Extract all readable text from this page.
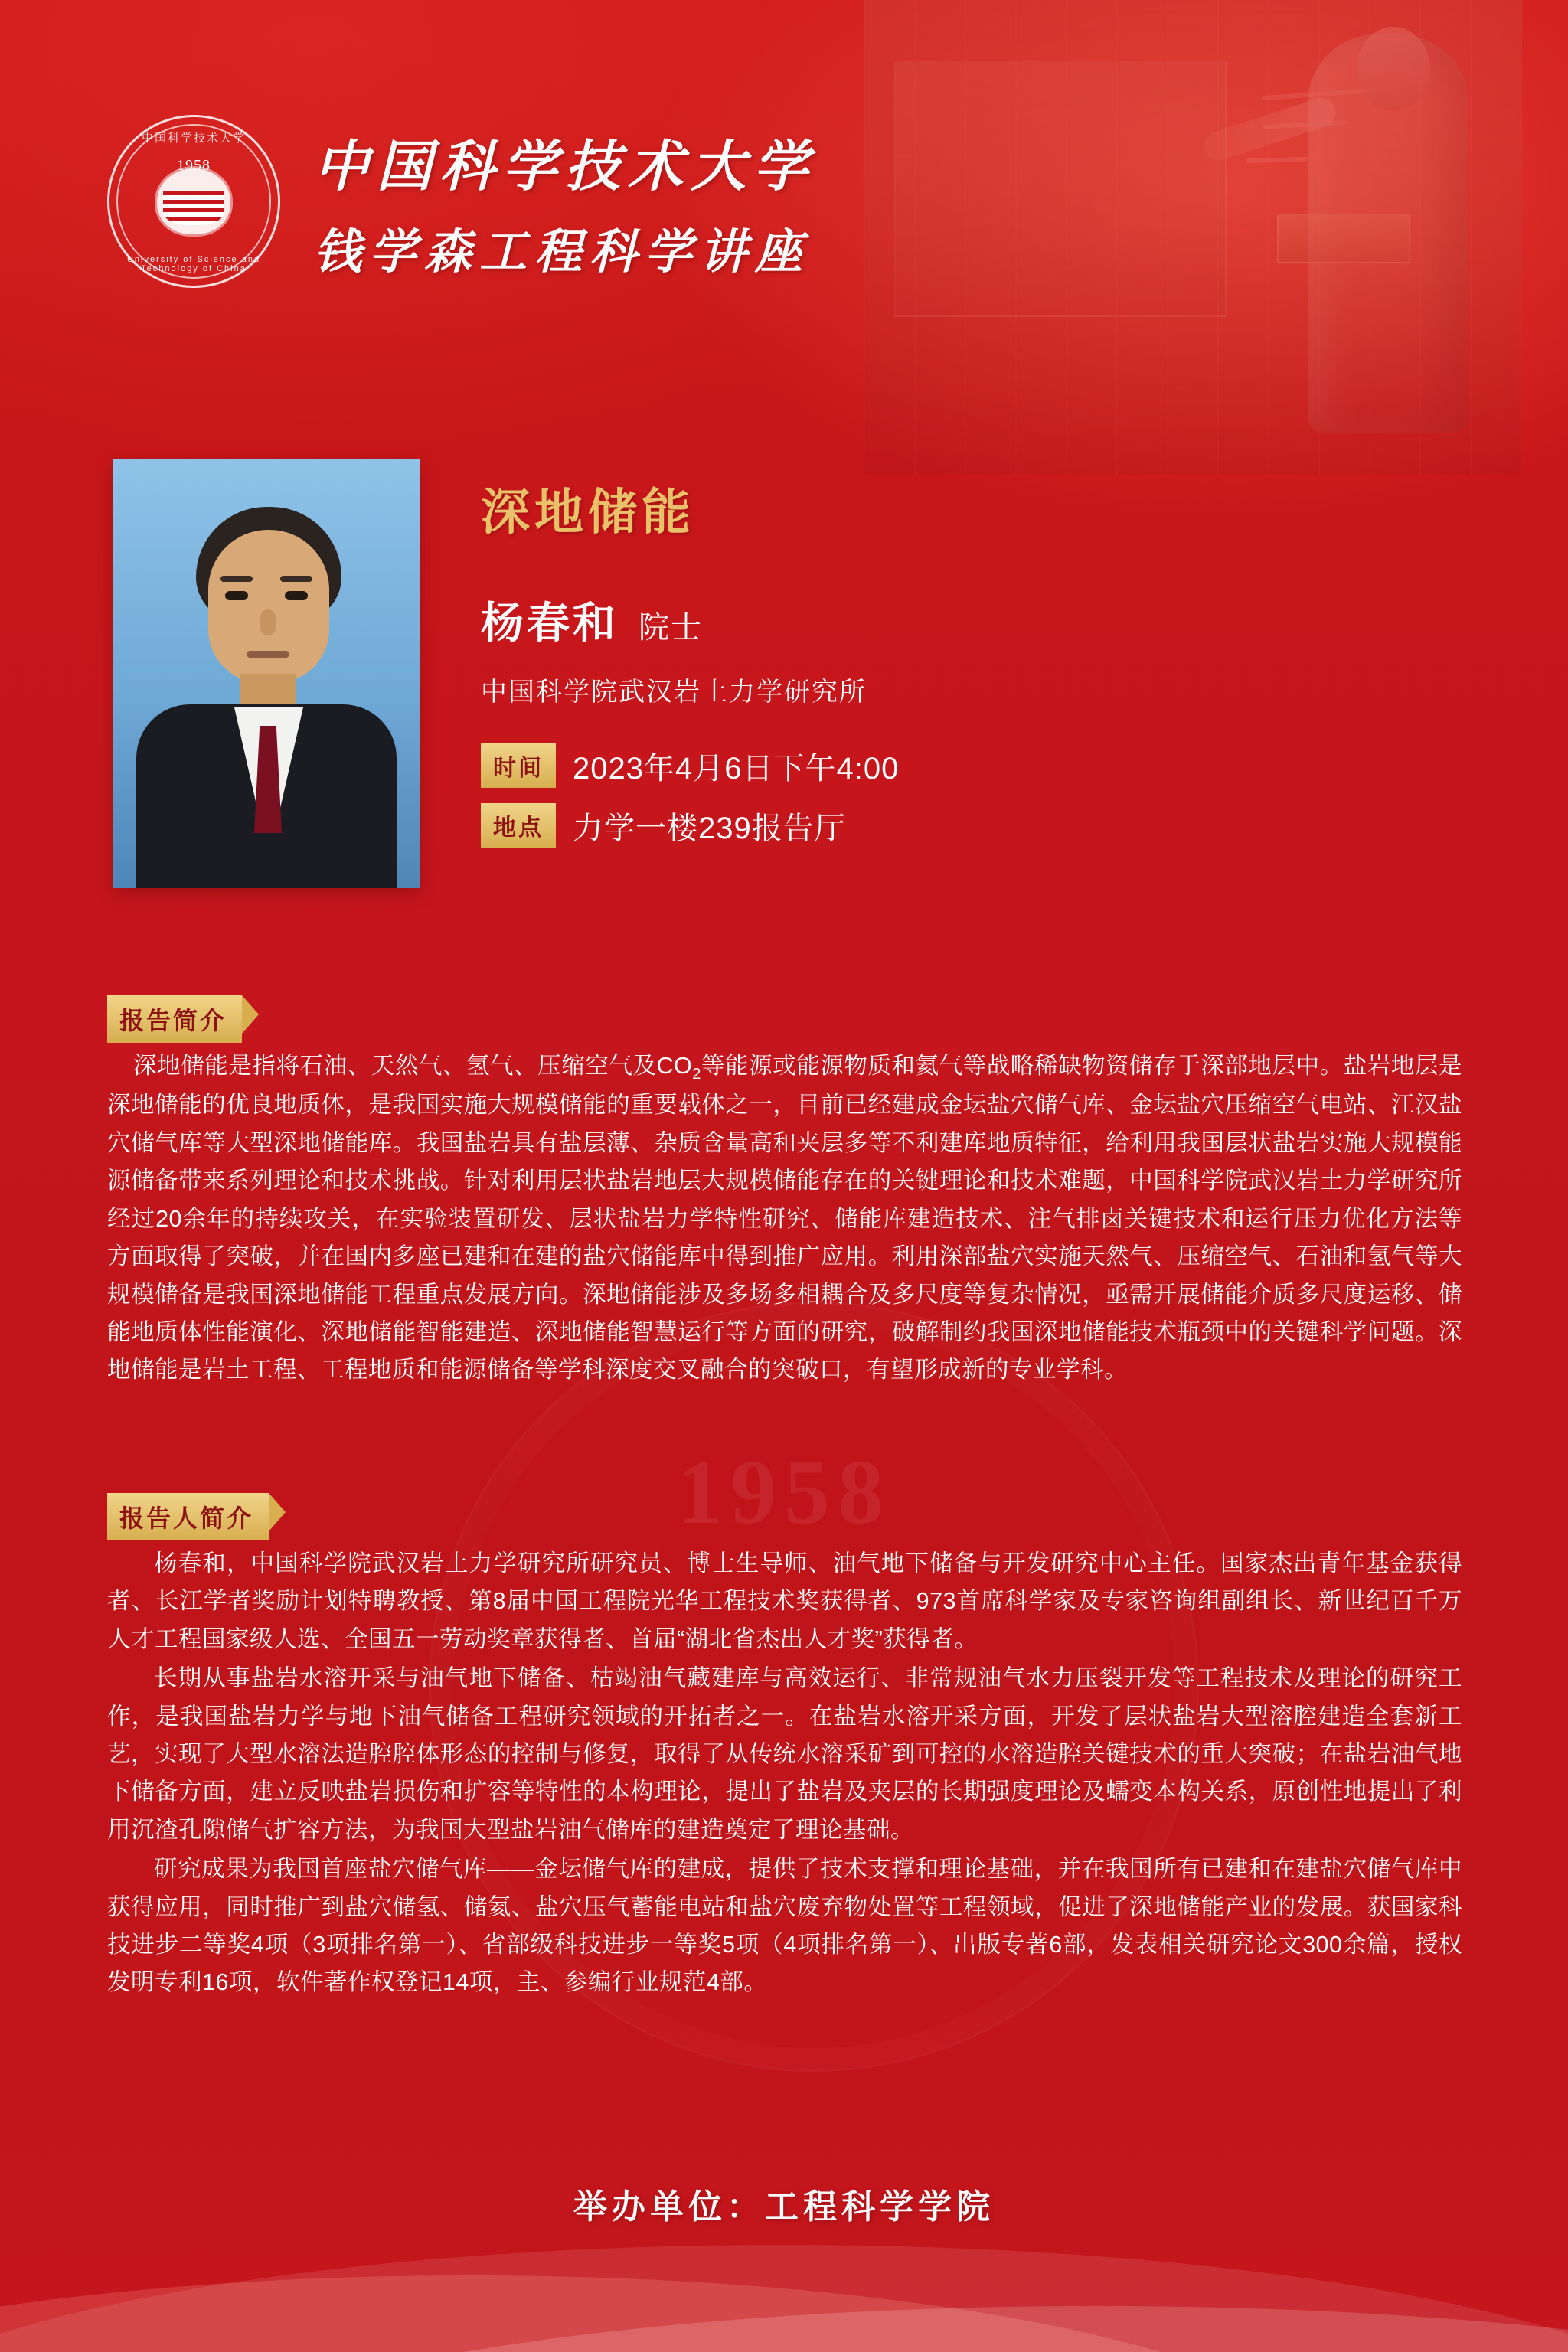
1958
中国科学技术大学
1958
University of Science and Technology of China
中国科学技术大学
钱学森工程科学讲座
深地储能
杨春和 院士
中国科学院武汉岩土力学研究所
时间 2023年4月6日下午4:00
地点 力学一楼239报告厅
报告简介

深地储能是指将石油、天然气、氢气、压缩空气及$CO_2$等能源或能源物质和氦气等战略稀缺物资储存于深部地层中。盐岩地层是深地储能的优良地质体，是我国实施大规模储能的重要载体之一，目前已经建成金坛盐穴储气库、金坛盐穴压缩空气电站、江汉盐穴储气库等大型深地储能库。我国盐岩具有盐层薄、杂质含量高和夹层多等不利建库地质特征，给利用我国层状盐岩实施大规模能源储备带来系列理论和技术挑战。针对利用层状盐岩地层大规模储能存在的关键理论和技术难题，中国科学院武汉岩土力学研究所经过20余年的持续攻关，在实验装置研发、层状盐岩力学特性研究、储能库建造技术、注气排卤关键技术和运行压力优化方法等方面取得了突破，并在国内多座已建和在建的盐穴储能库中得到推广应用。利用深部盐穴实施天然气、压缩空气、石油和氢气等大规模储备是我国深地储能工程重点发展方向。深地储能涉及多场多相耦合及多尺度等复杂情况，亟需开展储能介质多尺度运移、储能地质体性能演化、深地储能智能建造、深地储能智慧运行等方面的研究，破解制约我国深地储能技术瓶颈中的关键科学问题。深地储能是岩土工程、工程地质和能源储备等学科深度交叉融合的突破口，有望形成新的专业学科。

报告人简介

杨春和，中国科学院武汉岩土力学研究所研究员、博士生导师、油气地下储备与开发研究中心主任。国家杰出青年基金获得者、长江学者奖励计划特聘教授、第8届中国工程院光华工程技术奖获得者、973首席科学家及专家咨询组副组长、新世纪百千万人才工程国家级人选、全国五一劳动奖章获得者、首届“湖北省杰出人才奖”获得者。

长期从事盐岩水溶开采与油气地下储备、枯竭油气藏建库与高效运行、非常规油气水力压裂开发等工程技术及理论的研究工作，是我国盐岩力学与地下油气储备工程研究领域的开拓者之一。在盐岩水溶开采方面，开发了层状盐岩大型溶腔建造全套新工艺，实现了大型水溶法造腔腔体形态的控制与修复，取得了从传统水溶采矿到可控的水溶造腔关键技术的重大突破；在盐岩油气地下储备方面，建立反映盐岩损伤和扩容等特性的本构理论，提出了盐岩及夹层的长期强度理论及蠕变本构关系，原创性地提出了利用沉渣孔隙储气扩容方法，为我国大型盐岩油气储库的建造奠定了理论基础。

研究成果为我国首座盐穴储气库——金坛储气库的建成，提供了技术支撑和理论基础，并在我国所有已建和在建盐穴储气库中获得应用，同时推广到盐穴储氢、储氦、盐穴压气蓄能电站和盐穴废弃物处置等工程领域，促进了深地储能产业的发展。获国家科技进步二等奖4项（3项排名第一）、省部级科技进步一等奖5项（4项排名第一）、出版专著6部，发表相关研究论文300余篇，授权发明专利16项，软件著作权登记14项，主、参编行业规范4部。

举办单位：工程科学学院
